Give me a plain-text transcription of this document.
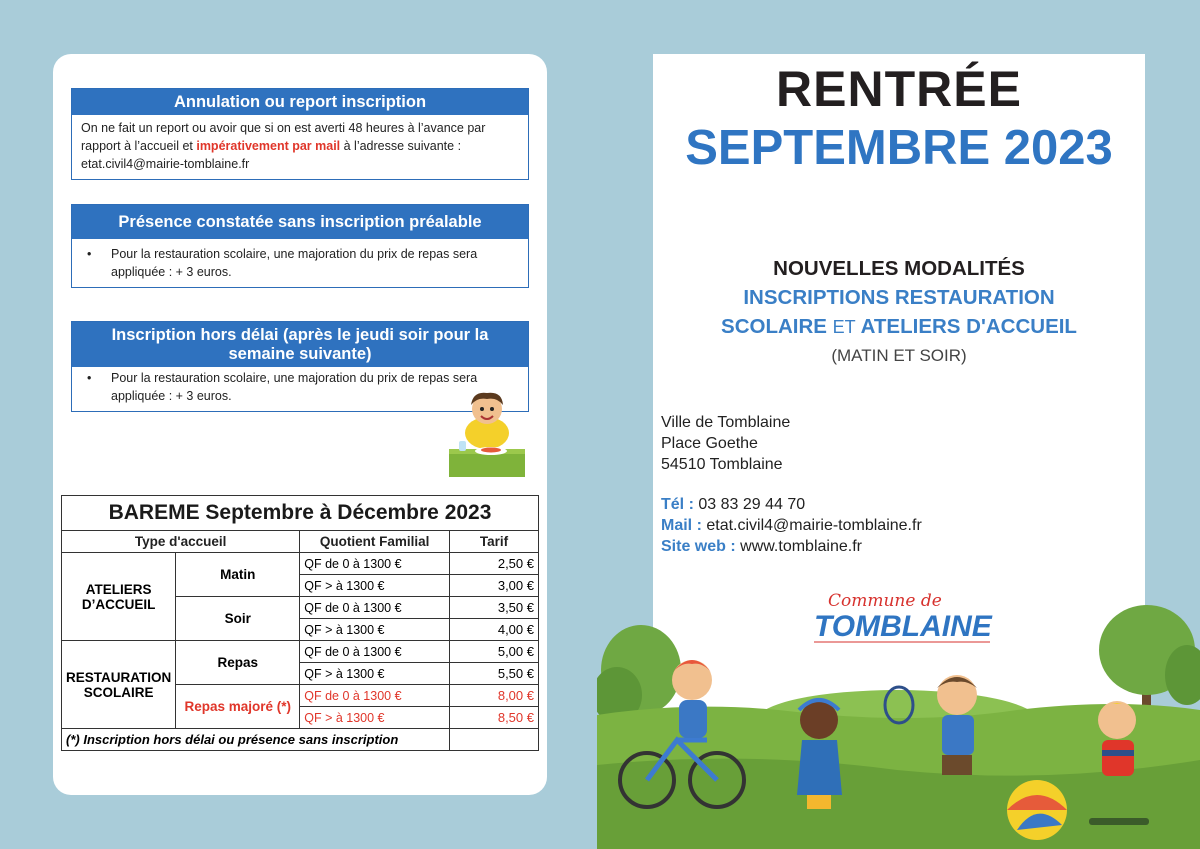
Annulation ou report inscription
On ne fait un report ou avoir que si on est averti 48 heures à l’avance par rapport à l’accueil et impérativement par mail à l’adresse suivante : etat.civil4@mairie-tomblaine.fr
Présence constatée sans inscription préalable
•	Pour la restauration scolaire, une majoration du prix de repas sera appliquée : + 3 euros.
Inscription hors délai (après le jeudi soir pour la semaine suivante)
•	Pour la restauration scolaire, une majoration du prix de repas sera appliquée : + 3 euros.
BAREME Septembre à Décembre 2023			
Type d'accueil		Quotient Familial	Tarif
ATELIERS D’ACCUEIL	Matin	QF de 0 à 1300 €	2,50 €
		QF > à 1300 €	3,00 €
	Soir	QF de 0 à 1300 €	3,50 €
		QF > à 1300 €	4,00 €
RESTAURATION SCOLAIRE	Repas	QF de 0 à 1300 €	5,00 €
		QF > à 1300 €	5,50 €
	Repas majoré (*)	QF de 0 à 1300 €	8,00 €
		QF > à 1300 €	8,50 €
(*) Inscription hors délai ou présence sans inscription			
RENTRÉE
SEPTEMBRE 2023
NOUVELLES MODALITÉS
INSCRIPTIONS RESTAURATION
SCOLAIRE ET ATELIERS D'ACCUEIL
(MATIN ET SOIR)
Ville de Tomblaine
Place Goethe
54510 Tomblaine
Tél : 03 83 29 44 70
Mail : etat.civil4@mairie-tomblaine.fr
Site web : www.tomblaine.fr
Commune de
TOMBLAINE
